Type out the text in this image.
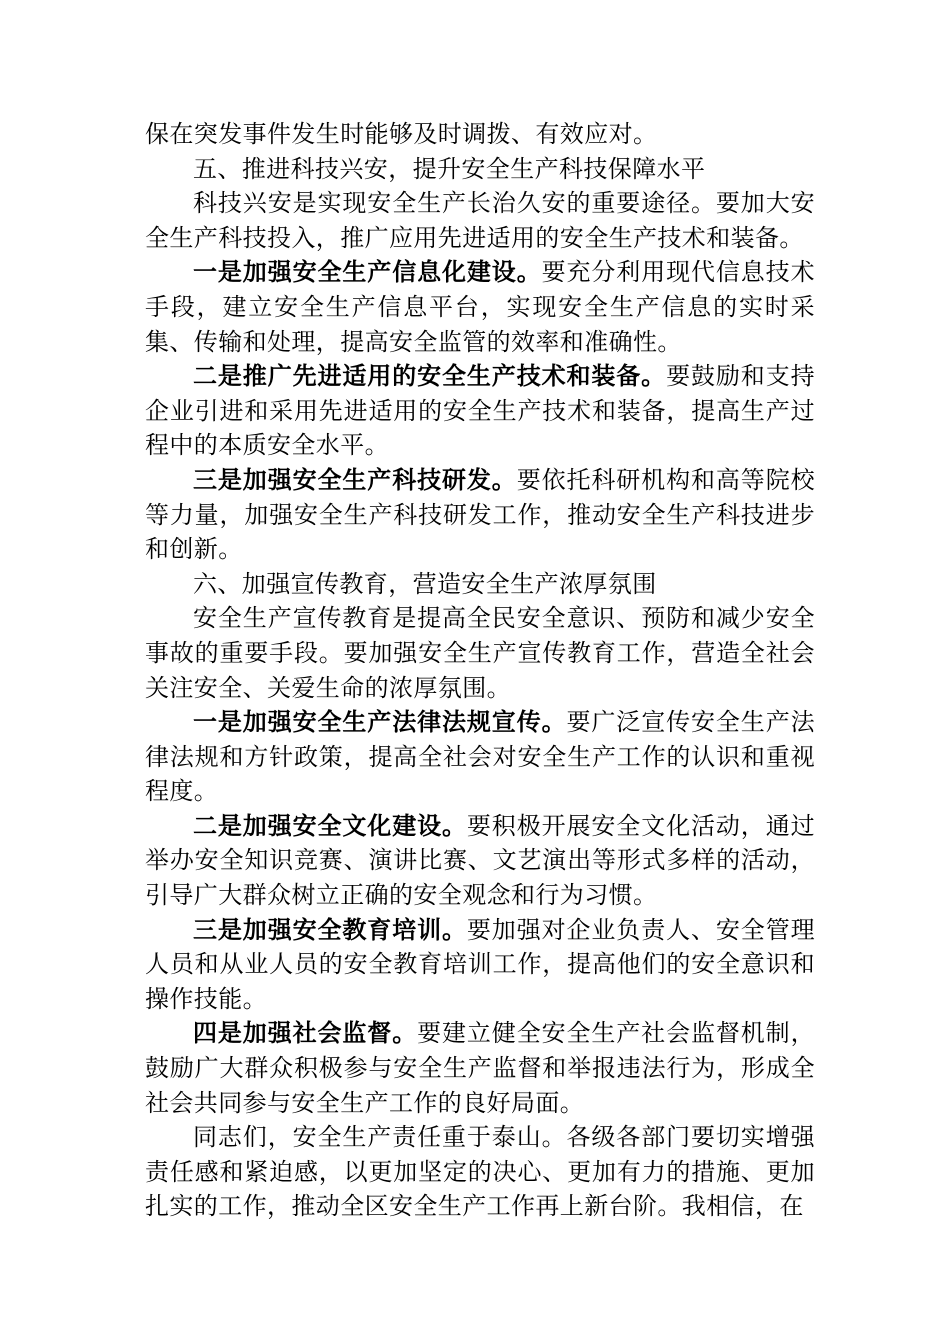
保在突发事件发生时能够及时调拨、有效应对。

五、推进科技兴安，提升安全生产科技保障水平

科技兴安是实现安全生产长治久安的重要途径。要加大安全生产科技投入，推广应用先进适用的安全生产技术和装备。

一是加强安全生产信息化建设。要充分利用现代信息技术手段，建立安全生产信息平台，实现安全生产信息的实时采集、传输和处理，提高安全监管的效率和准确性。

二是推广先进适用的安全生产技术和装备。要鼓励和支持企业引进和采用先进适用的安全生产技术和装备，提高生产过程中的本质安全水平。

三是加强安全生产科技研发。要依托科研机构和高等院校等力量，加强安全生产科技研发工作，推动安全生产科技进步和创新。

六、加强宣传教育，营造安全生产浓厚氛围

安全生产宣传教育是提高全民安全意识、预防和减少安全事故的重要手段。要加强安全生产宣传教育工作，营造全社会关注安全、关爱生命的浓厚氛围。

一是加强安全生产法律法规宣传。要广泛宣传安全生产法律法规和方针政策，提高全社会对安全生产工作的认识和重视程度。

二是加强安全文化建设。要积极开展安全文化活动，通过举办安全知识竞赛、演讲比赛、文艺演出等形式多样的活动，引导广大群众树立正确的安全观念和行为习惯。

三是加强安全教育培训。要加强对企业负责人、安全管理人员和从业人员的安全教育培训工作，提高他们的安全意识和操作技能。

四是加强社会监督。要建立健全安全生产社会监督机制，鼓励广大群众积极参与安全生产监督和举报违法行为，形成全社会共同参与安全生产工作的良好局面。

同志们，安全生产责任重于泰山。各级各部门要切实增强责任感和紧迫感，以更加坚定的决心、更加有力的措施、更加扎实的工作，推动全区安全生产工作再上新台阶。我相信，在
